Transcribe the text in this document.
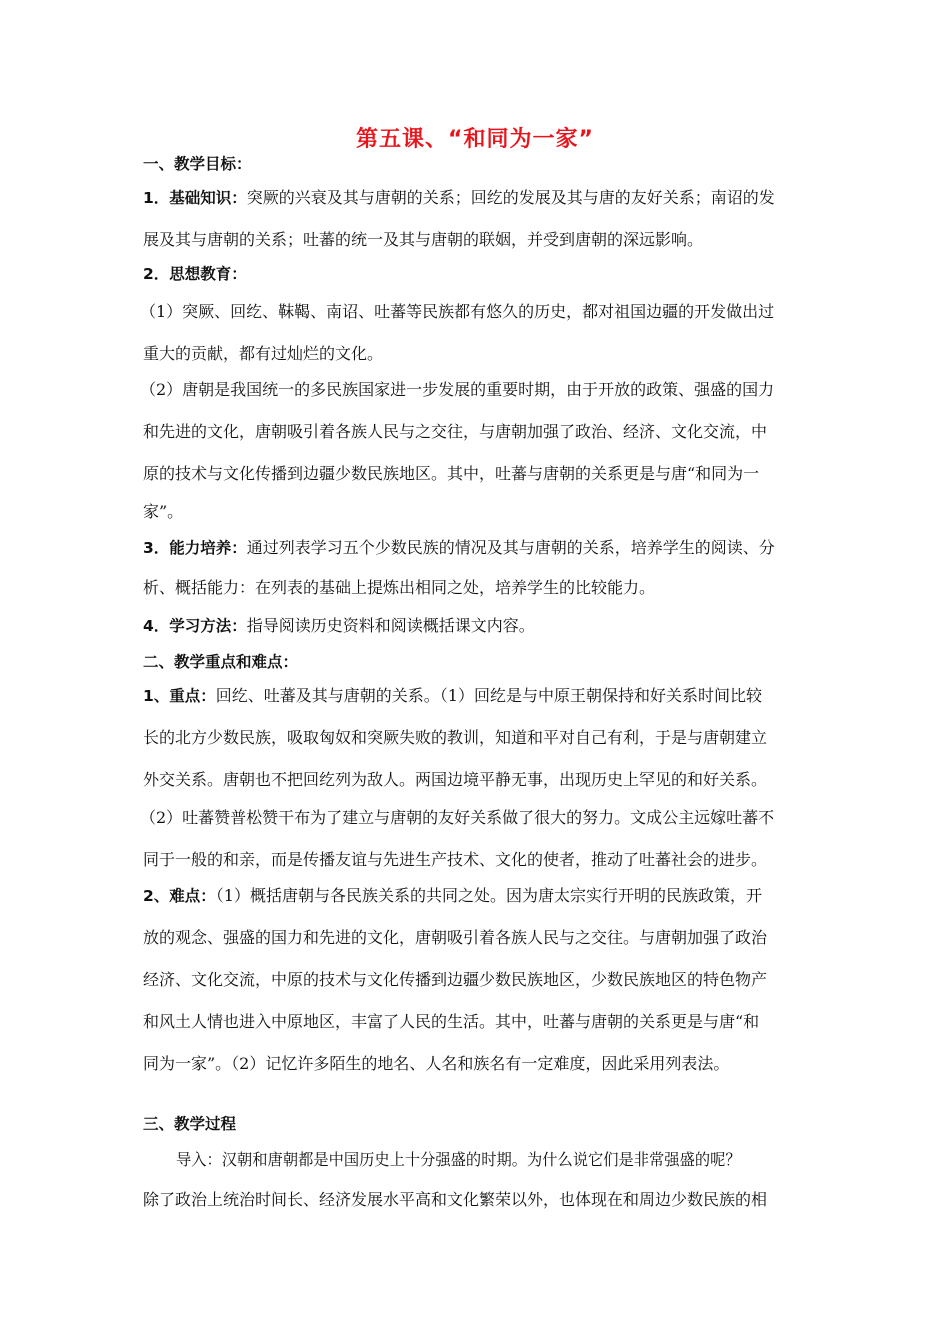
第五课、“和同为一家”
一、教学目标：
1．基础知识：突厥的兴衰及其与唐朝的关系；回纥的发展及其与唐的友好关系；南诏的发
展及其与唐朝的关系；吐蕃的统一及其与唐朝的联姻，并受到唐朝的深远影响。
2．思想教育：
（1）突厥、回纥、靺鞨、南诏、吐蕃等民族都有悠久的历史，都对祖国边疆的开发做出过
重大的贡献，都有过灿烂的文化。
（2）唐朝是我国统一的多民族国家进一步发展的重要时期，由于开放的政策、强盛的国力
和先进的文化，唐朝吸引着各族人民与之交往，与唐朝加强了政治、经济、文化交流，中
原的技术与文化传播到边疆少数民族地区。其中，吐蕃与唐朝的关系更是与唐“和同为一
家”。
3．能力培养：通过列表学习五个少数民族的情况及其与唐朝的关系，培养学生的阅读、分
析、概括能力：在列表的基础上提炼出相同之处，培养学生的比较能力。
4．学习方法：指导阅读历史资料和阅读概括课文内容。
二、教学重点和难点：
1、重点：回纥、吐蕃及其与唐朝的关系。（1）回纥是与中原王朝保持和好关系时间比较
长的北方少数民族，吸取匈奴和突厥失败的教训，知道和平对自己有利，于是与唐朝建立
外交关系。唐朝也不把回纥列为敌人。两国边境平静无事，出现历史上罕见的和好关系。
（2）吐蕃赞普松赞干布为了建立与唐朝的友好关系做了很大的努力。文成公主远嫁吐蕃不
同于一般的和亲，而是传播友谊与先进生产技术、文化的使者，推动了吐蕃社会的进步。
2、难点：（1）概括唐朝与各民族关系的共同之处。因为唐太宗实行开明的民族政策，开
放的观念、强盛的国力和先进的文化，唐朝吸引着各族人民与之交往。与唐朝加强了政治
经济、文化交流，中原的技术与文化传播到边疆少数民族地区，少数民族地区的特色物产
和风土人情也进入中原地区，丰富了人民的生活。其中，吐蕃与唐朝的关系更是与唐“和
同为一家”。（2）记忆许多陌生的地名、人名和族名有一定难度，因此采用列表法。
三、教学过程
导入：汉朝和唐朝都是中国历史上十分强盛的时期。为什么说它们是非常强盛的呢？
除了政治上统治时间长、经济发展水平高和文化繁荣以外，也体现在和周边少数民族的相
